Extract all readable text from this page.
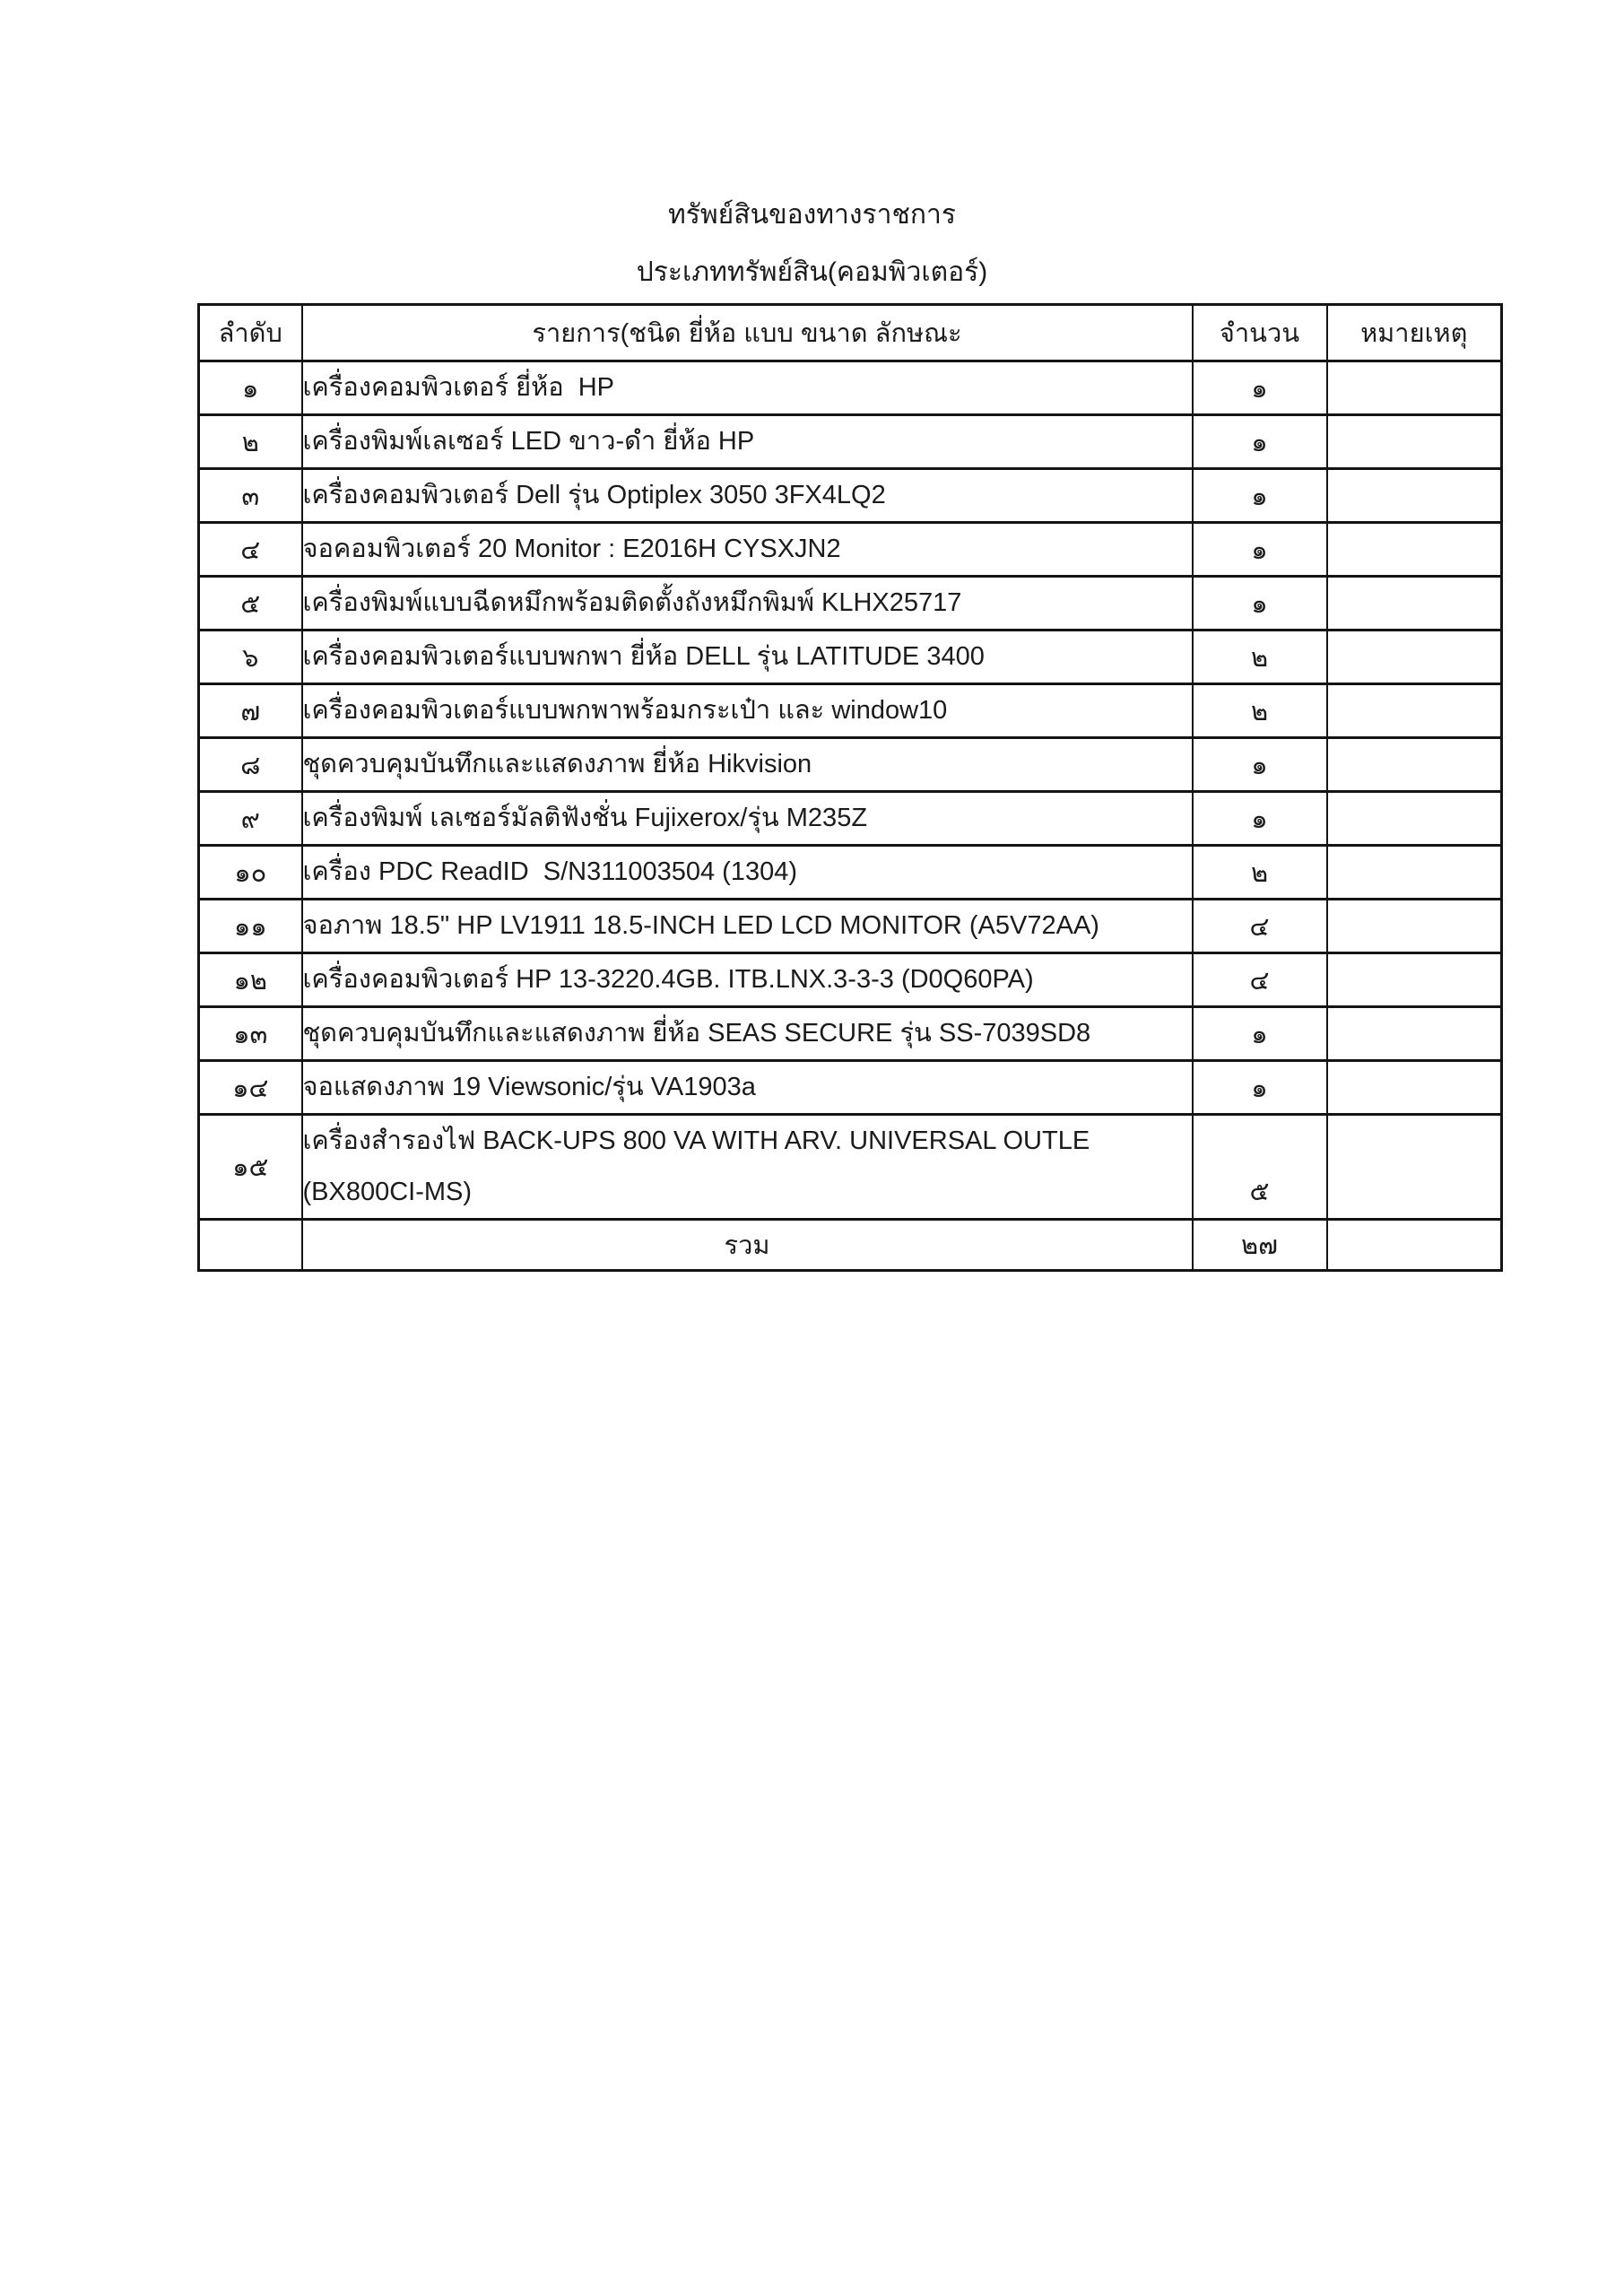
ทรัพย์สินของทางราชการ
ประเภททรัพย์สิน(คอมพิวเตอร์)
ลำดับ	รายการ(ชนิด ยี่ห้อ แบบ ขนาด ลักษณะ	จำนวน	หมายเหตุ
๑	เครื่องคอมพิวเตอร์ ยี่ห้อ  HP	๑	
๒	เครื่องพิมพ์เลเซอร์ LED ขาว-ดำ ยี่ห้อ HP	๑	
๓	เครื่องคอมพิวเตอร์ Dell รุ่น Optiplex 3050 3FX4LQ2	๑	
๔	จอคอมพิวเตอร์ 20 Monitor : E2016H CYSXJN2	๑	
๕	เครื่องพิมพ์แบบฉีดหมึกพร้อมติดตั้งถังหมึกพิมพ์ KLHX25717	๑	
๖	เครื่องคอมพิวเตอร์แบบพกพา ยี่ห้อ DELL รุ่น LATITUDE 3400	๒	
๗	เครื่องคอมพิวเตอร์แบบพกพาพร้อมกระเป๋า และ window10	๒	
๘	ชุดควบคุมบันทึกและแสดงภาพ ยี่ห้อ Hikvision	๑	
๙	เครื่องพิมพ์ เลเซอร์มัลติฟังชั่น Fujixerox/รุ่น M235Z	๑	
๑๐	เครื่อง PDC ReadID  S/N311003504 (1304)	๒	
๑๑	จอภาพ 18.5" HP LV1911 18.5-INCH LED LCD MONITOR (A5V72AA)	๔	
๑๒	เครื่องคอมพิวเตอร์ HP 13-3220.4GB. ITB.LNX.3-3-3 (D0Q60PA)	๔	
๑๓	ชุดควบคุมบันทึกและแสดงภาพ ยี่ห้อ SEAS SECURE รุ่น SS-7039SD8	๑	
๑๔	จอแสดงภาพ 19 Viewsonic/รุ่น VA1903a	๑	
๑๕	เครื่องสำรองไฟ BACK-UPS 800 VA WITH ARV. UNIVERSAL OUTLE (BX800CI-MS)	๕	

	รวม	๒๗	
